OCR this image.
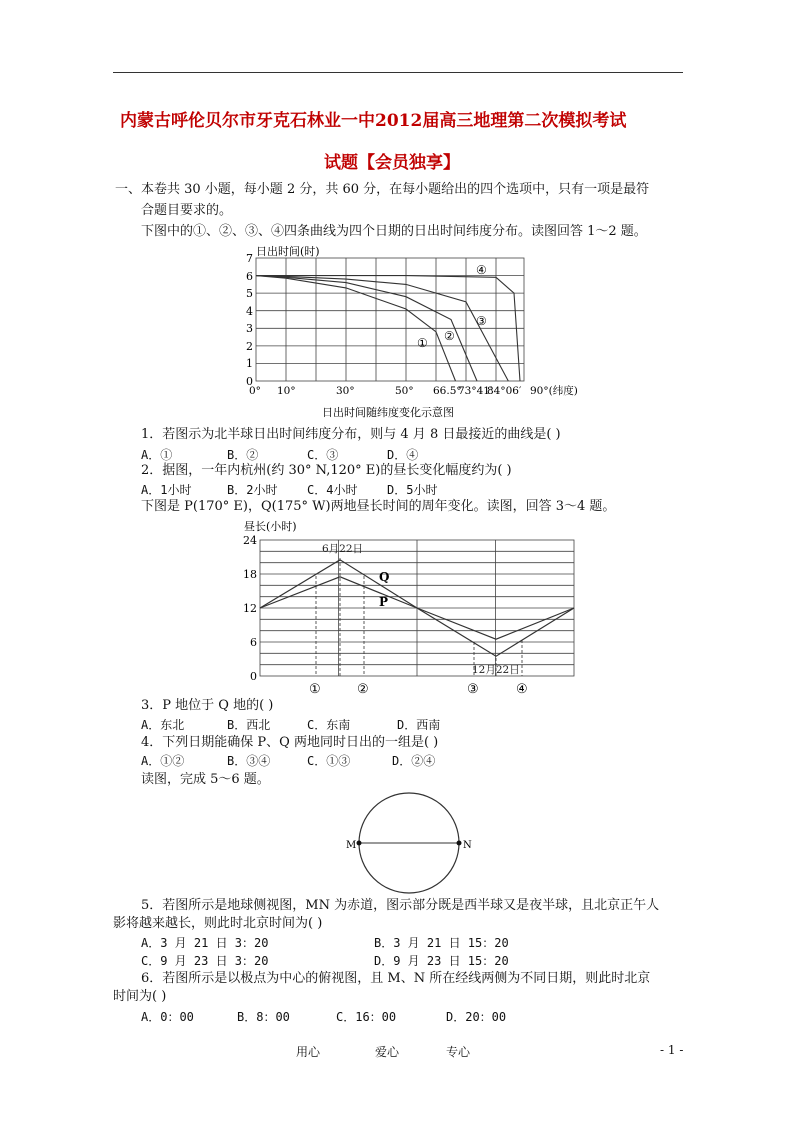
内蒙古呼伦贝尔市牙克石林业一中2012届高三地理第二次模拟考试
试题【会员独享】
一、本卷共 30 小题，每小题 2 分，共 60 分，在每小题给出的四个选项中，只有一项是最符
合题目要求的。
下图中的①、②、③、④四条曲线为四个日期的日出时间纬度分布。读图回答 1～2 题。
日出时间(时)
7
6
5
4
3
2
1
0
0° 10°	30°	50° 66.5°
73°41′
84°06′ 90°(纬度)
① ②
③
④
日出时间随纬度变化示意图
1．若图示为北半球日出时间纬度分布，则与 4 月 8 日最接近的曲线是( )
A．①	B．②	C．③	D．④
2．据图，一年内杭州(约 30° N,120° E)的昼长变化幅度约为( )
A．1小时	B．2小时 C．4小时 D．5小时
下图是 P(170° E)，Q(175° W)两地昼长时间的周年变化。读图，回答 3～4 题。
昼长(小时)
24
18
12
6
0
6月22日
12月22日
Q
P
①	②	③	④
3．P 地位于 Q 地的( )
A．东北	B．西北	C．东南	D．西南
4．下列日期能确保 P、Q 两地同时日出的一组是( )
A．①②	B．③④	C．①③	D．②④
读图，完成 5～6 题。
M	N
5．若图所示是地球侧视图，MN 为赤道，图示部分既是西半球又是夜半球，且北京正午人
影将越来越长，则此时北京时间为( )
A．3 月 21 日 3：20	B．3 月 21 日 15：20
C．9 月 23 日 3：20	D．9 月 23 日 15：20
6．若图所示是以极点为中心的俯视图，且 M、N 所在经线两侧为不同日期，则此时北京
时间为( )
A．0：00	B．8：00	C．16：00	D．20：00
用心	爱心	专心	- 1 -
